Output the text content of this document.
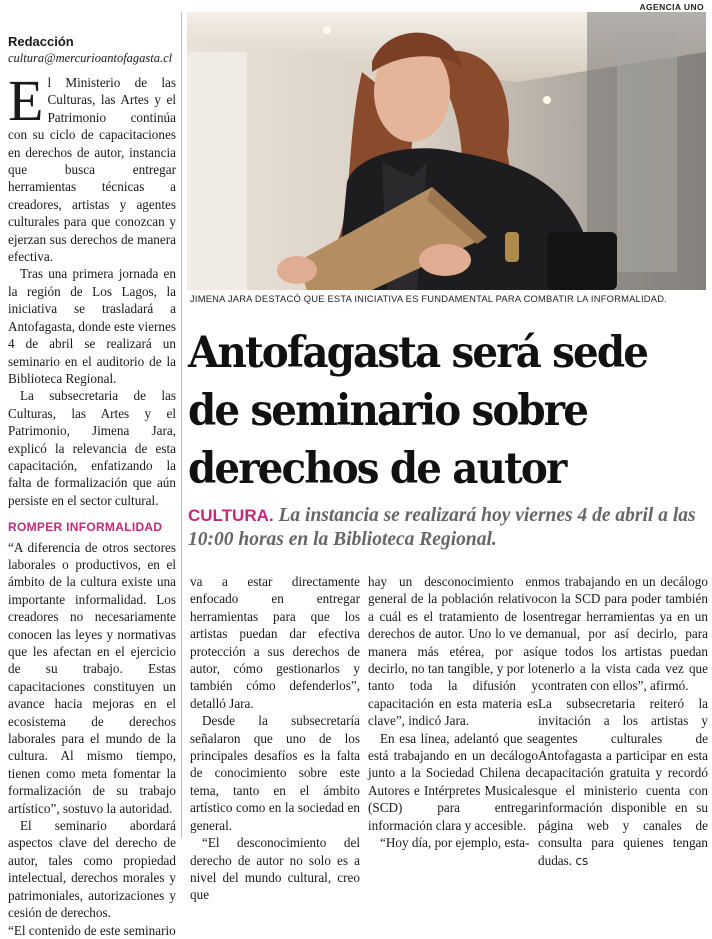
Redacción
cultura@mercurioantofagasta.cl

El Ministerio de las Culturas, las Artes y el Patrimonio continúa con su ciclo de capacitaciones en derechos de autor, instancia que busca entregar herramientas técnicas a creadores, artistas y agentes culturales para que conozcan y ejerzan sus derechos de manera efectiva.

Tras una primera jornada en la región de Los Lagos, la iniciativa se trasladará a Antofagasta, donde este viernes 4 de abril se realizará un seminario en el auditorio de la Biblioteca Regional.

La subsecretaria de las Culturas, las Artes y el Patrimonio, Jimena Jara, explicó la relevancia de esta capacitación, enfatizando la falta de formalización que aún persiste en el sector cultural.

ROMPER INFORMALIDAD

“A diferencia de otros sectores laborales o productivos, en el ámbito de la cultura existe una importante informalidad. Los creadores no necesariamente conocen las leyes y normativas que les afectan en el ejercicio de su trabajo. Estas capacitaciones constituyen un avance hacia mejoras en el ecosistema de derechos laborales para el mundo de la cultura. Al mismo tiempo, tienen como meta fomentar la formalización de su trabajo artístico”, sostuvo la autoridad.

El seminario abordará aspectos clave del derecho de autor, tales como propiedad intelectual, derechos morales y patrimoniales, autorizaciones y cesión de derechos.

“El contenido de este seminario

AGENCIA UNO
JIMENA JARA DESTACÓ QUE ESTA INICIATIVA ES FUNDAMENTAL PARA COMBATIR LA INFORMALIDAD.
Antofagasta será sede
de seminario sobre
derechos de autor
CULTURA. La instancia se realizará hoy viernes 4 de abril a las 10:00 horas en la Biblioteca Regional.

va a estar directamente enfocado en entregar herramientas para que los artistas puedan dar efectiva protección a sus derechos de autor, cómo gestionarlos y también cómo defenderlos”, detalló Jara.

Desde la subsecretaría señalaron que uno de los principales desafíos es la falta de conocimiento sobre este tema, tanto en el ámbito artístico como en la sociedad en general.

“El desconocimiento del derecho de autor no solo es a nivel del mundo cultural, creo que

hay un desconocimiento en general de la población relativo a cuál es el tratamiento de los derechos de autor. Uno lo ve de manera más etérea, por así decirlo, no tan tangible, y por lo tanto toda la difusión y capacitación en esta materia es clave”, indicó Jara.

En esa línea, adelantó que se está trabajando en un decálogo junto a la Sociedad Chilena de Autores e Intérpretes Musicales (SCD) para entregar información clara y accesible.

“Hoy día, por ejemplo, esta-

mos trabajando en un decálogo con la SCD para poder también entregar herramientas ya en un manual, por así decirlo, para que todos los artistas puedan tenerlo a la vista cada vez que contraten con ellos”, afirmó.

La subsecretaria reiteró la invitación a los artistas y agentes culturales de Antofagasta a participar en esta capacitación gratuita y recordó que el ministerio cuenta con información disponible en su página web y canales de consulta para quienes tengan dudas. cs
